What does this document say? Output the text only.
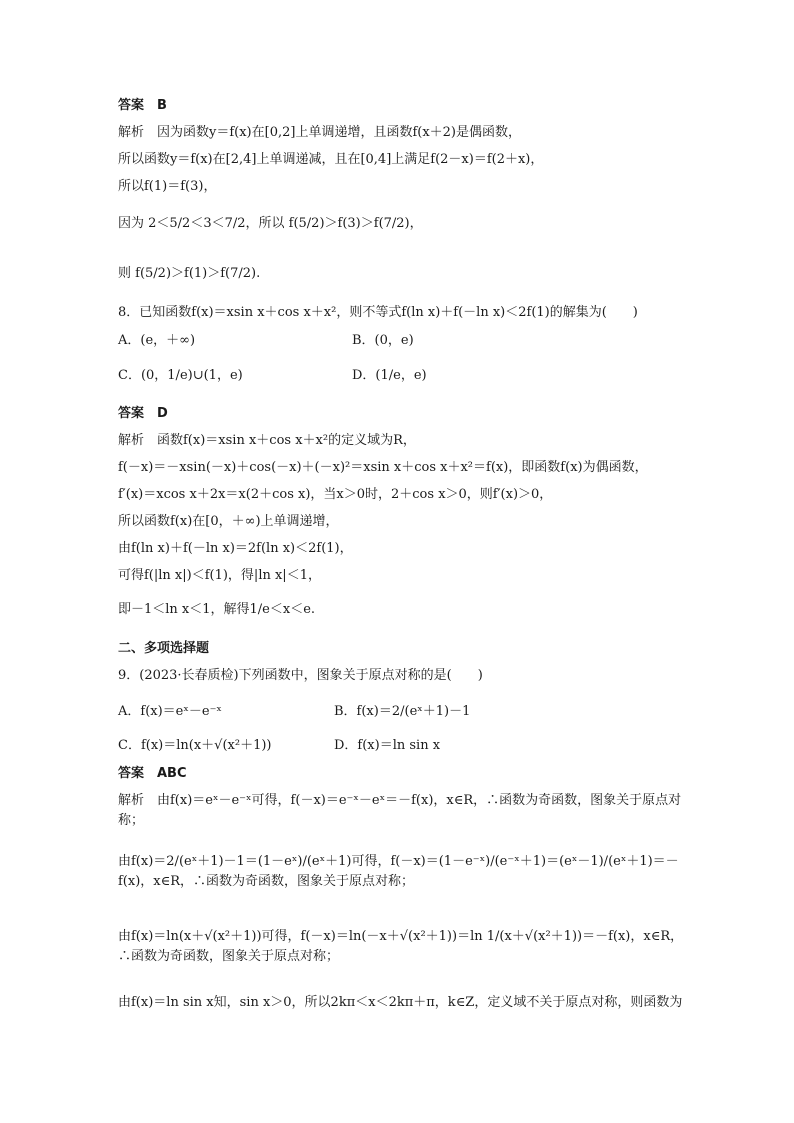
答案　B
解析　因为函数y＝f(x)在[0,2]上单调递增，且函数f(x＋2)是偶函数，
所以函数y＝f(x)在[2,4]上单调递减，且在[0,4]上满足f(2－x)＝f(2＋x)，
所以f(1)＝f(3)，
因为 2＜5/2＜3＜7/2，所以 f(5/2)＞f(3)＞f(7/2)，
则 f(5/2)＞f(1)＞f(7/2).
8．已知函数f(x)＝xsin x＋cos x＋x²，则不等式f(ln x)＋f(－ln x)＜2f(1)的解集为(　　)
A．(e，＋∞)	B．(0，e)
C．(0，1/e)∪(1，e)	D．(1/e，e)
答案　D
解析　函数f(x)＝xsin x＋cos x＋x²的定义域为R，
f(－x)＝－xsin(－x)＋cos(－x)＋(－x)²＝xsin x＋cos x＋x²＝f(x)，即函数f(x)为偶函数，
f′(x)＝xcos x＋2x＝x(2＋cos x)，当x＞0时，2＋cos x＞0，则f′(x)＞0，
所以函数f(x)在[0，＋∞)上单调递增，
由f(ln x)＋f(－ln x)＝2f(ln x)＜2f(1)，
可得f(|ln x|)＜f(1)，得|ln x|＜1，
即－1＜ln x＜1，解得1/e＜x＜e.
二、多项选择题
9．(2023·长春质检)下列函数中，图象关于原点对称的是(　　)
A．f(x)＝eˣ－e⁻ˣ	B．f(x)＝2/(eˣ＋1)－1
C．f(x)＝ln(x＋√(x²＋1))	D．f(x)＝ln sin x
答案　ABC
解析　由f(x)＝eˣ－e⁻ˣ可得，f(－x)＝e⁻ˣ－eˣ＝－f(x)，x∈R，∴函数为奇函数，图象关于原点对称；
由f(x)＝2/(eˣ＋1)－1＝(1－eˣ)/(eˣ＋1)可得，f(－x)＝(1－e⁻ˣ)/(e⁻ˣ＋1)＝(eˣ－1)/(eˣ＋1)＝－f(x)，x∈R，∴函数为奇函数，图象关于原点对称；
由f(x)＝ln(x＋√(x²＋1))可得，f(－x)＝ln(－x＋√(x²＋1))＝ln 1/(x＋√(x²＋1))＝－f(x)，x∈R，∴函数为奇函数，图象关于原点对称；
由f(x)＝ln sin x知，sin x＞0，所以2kπ＜x＜2kπ＋π，k∈Z，定义域不关于原点对称，则函数为
